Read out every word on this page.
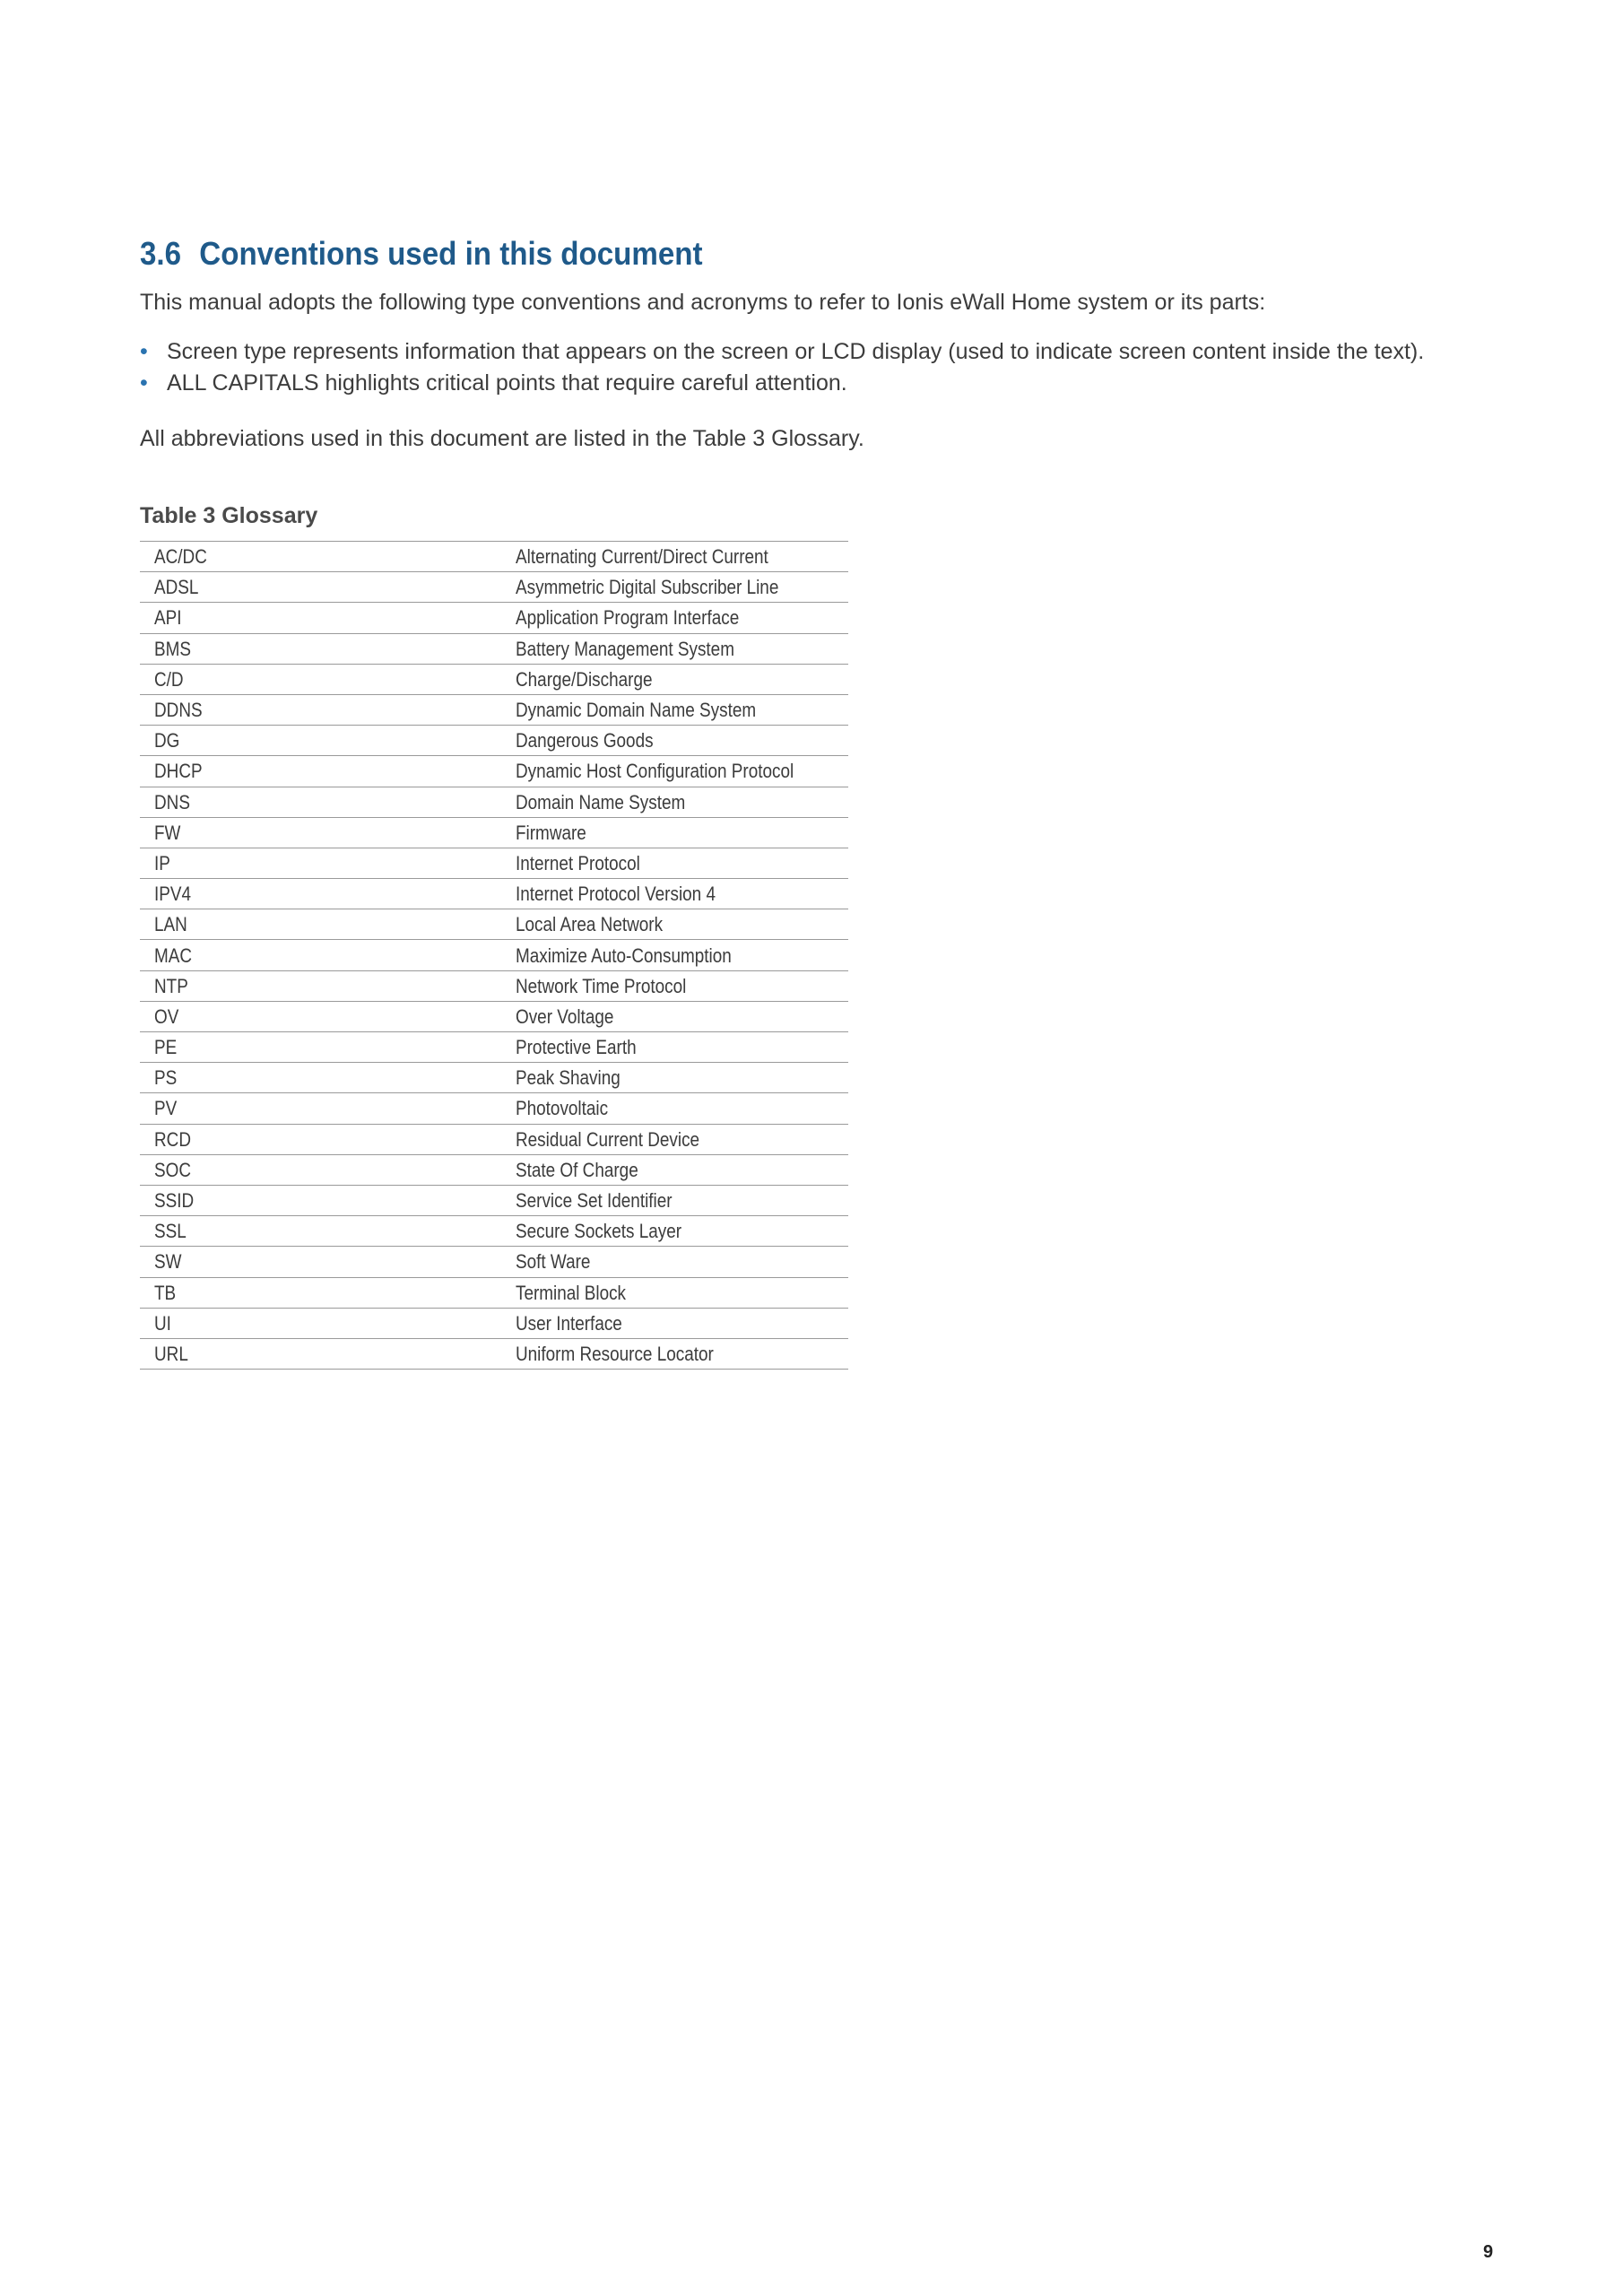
3.6 Conventions used in this document

This manual adopts the following type conventions and acronyms to refer to Ionis eWall Home system or its parts:

• Screen type represents information that appears on the screen or LCD display (used to indicate screen content inside the text).
• ALL CAPITALS highlights critical points that require careful attention.

All abbreviations used in this document are listed in the Table 3 Glossary.

Table 3 Glossary
AC/DC	Alternating Current/Direct Current
ADSL	Asymmetric Digital Subscriber Line
API	Application Program Interface
BMS	Battery Management System
C/D	Charge/Discharge
DDNS	Dynamic Domain Name System
DG	Dangerous Goods
DHCP	Dynamic Host Configuration Protocol
DNS	Domain Name System
FW	Firmware
IP	Internet Protocol
IPV4	Internet Protocol Version 4
LAN	Local Area Network
MAC	Maximize Auto-Consumption
NTP	Network Time Protocol
OV	Over Voltage
PE	Protective Earth
PS	Peak Shaving
PV	Photovoltaic
RCD	Residual Current Device
SOC	State Of Charge
SSID	Service Set Identifier
SSL	Secure Sockets Layer
SW	Soft Ware
TB	Terminal Block
UI	User Interface
URL	Uniform Resource Locator
9
